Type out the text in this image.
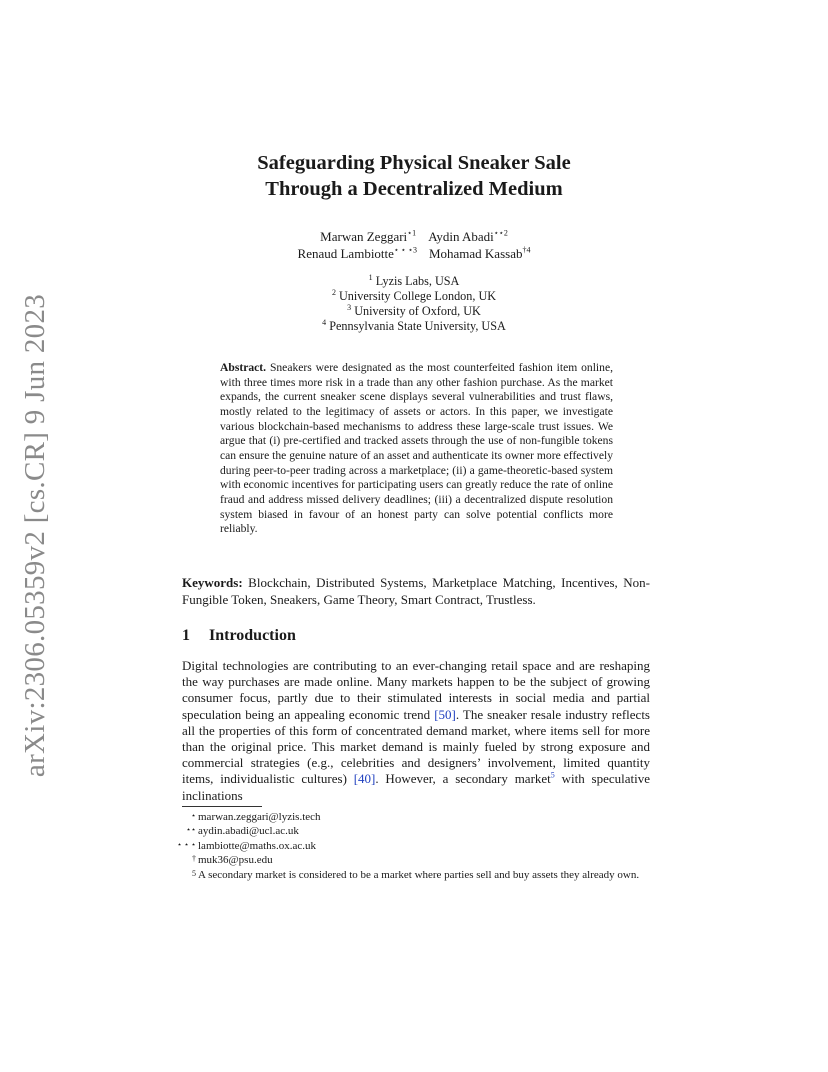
arXiv:2306.05359v2 [cs.CR] 9 Jun 2023
Safeguarding Physical Sneaker Sale
Through a Decentralized Medium
Marwan Zeggari$^{⋆1}$ Aydin Abadi$^{⋆⋆2}$
Renaud Lambiotte$^{⋆ ⋆ ⋆3}$ Mohamad Kassab$^{\dagger 4}$
$^1$ Lyzis Labs, USA
$^2$ University College London, UK
$^3$ University of Oxford, UK
$^4$ Pennsylvania State University, USA
Abstract. Sneakers were designated as the most counterfeited fashion item online, with three times more risk in a trade than any other fashion purchase. As the market expands, the current sneaker scene displays several vulnerabilities and trust flaws, mostly related to the legitimacy of assets or actors. In this paper, we investigate various blockchain-based mechanisms to address these large-scale trust issues. We argue that (i) pre-certified and tracked assets through the use of non-fungible tokens can ensure the genuine nature of an asset and authenticate its owner more effectively during peer-to-peer trading across a marketplace; (ii) a game-theoretic-based system with economic incentives for participating users can greatly reduce the rate of online fraud and address missed delivery deadlines; (iii) a decentralized dispute resolution system biased in favour of an honest party can solve potential conflicts more reliably.
Keywords: Blockchain, Distributed Systems, Marketplace Matching, Incentives, Non-Fungible Token, Sneakers, Game Theory, Smart Contract, Trustless.
1 Introduction
Digital technologies are contributing to an ever-changing retail space and are reshaping the way purchases are made online. Many markets happen to be the subject of growing consumer focus, partly due to their stimulated interests in social media and partial speculation being an appealing economic trend [50]. The sneaker resale industry reflects all the properties of this form of concentrated demand market, where items sell for more than the original price. This market demand is mainly fueled by strong exposure and commercial strategies (e.g., celebrities and designers’ involvement, limited quantity items, individualistic cultures) [40]. However, a secondary market$^5$ with speculative inclinations
⋆ marwan.zeggari@lyzis.tech
⋆⋆ aydin.abadi@ucl.ac.uk
⋆ ⋆ ⋆ lambiotte@maths.ox.ac.uk
† muk36@psu.edu
5 A secondary market is considered to be a market where parties sell and buy assets they already own.
